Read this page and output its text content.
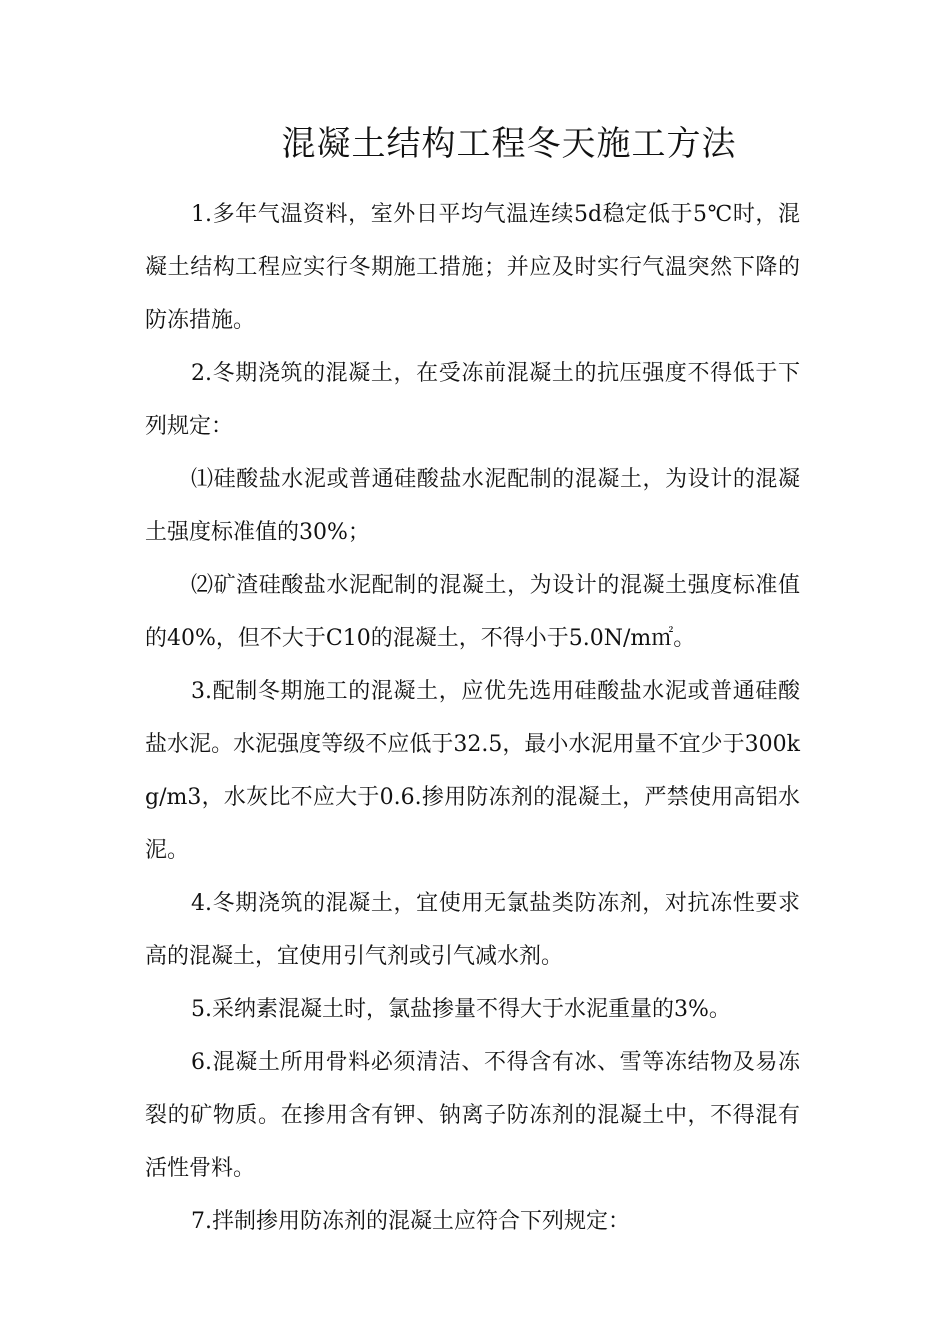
混凝土结构工程冬天施工方法

1.多年气温资料，室外日平均气温连续5d稳定低于5℃时，混凝土结构工程应实行冬期施工措施；并应及时实行气温突然下降的防冻措施。

2.冬期浇筑的混凝土，在受冻前混凝土的抗压强度不得低于下列规定：

⑴硅酸盐水泥或普通硅酸盐水泥配制的混凝土，为设计的混凝土强度标准值的30%；

⑵矿渣硅酸盐水泥配制的混凝土，为设计的混凝土强度标准值的40%，但不大于C10的混凝土，不得小于5.0N/m㎡。

3.配制冬期施工的混凝土，应优先选用硅酸盐水泥或普通硅酸盐水泥。水泥强度等级不应低于32.5，最小水泥用量不宜少于300kg/m3，水灰比不应大于0.6.掺用防冻剂的混凝土，严禁使用高铝水泥。

4.冬期浇筑的混凝土，宜使用无氯盐类防冻剂，对抗冻性要求高的混凝土，宜使用引气剂或引气减水剂。

5.采纳素混凝土时，氯盐掺量不得大于水泥重量的3%。

6.混凝土所用骨料必须清洁、不得含有冰、雪等冻结物及易冻裂的矿物质。在掺用含有钾、钠离子防冻剂的混凝土中，不得混有活性骨料。

7.拌制掺用防冻剂的混凝土应符合下列规定：
